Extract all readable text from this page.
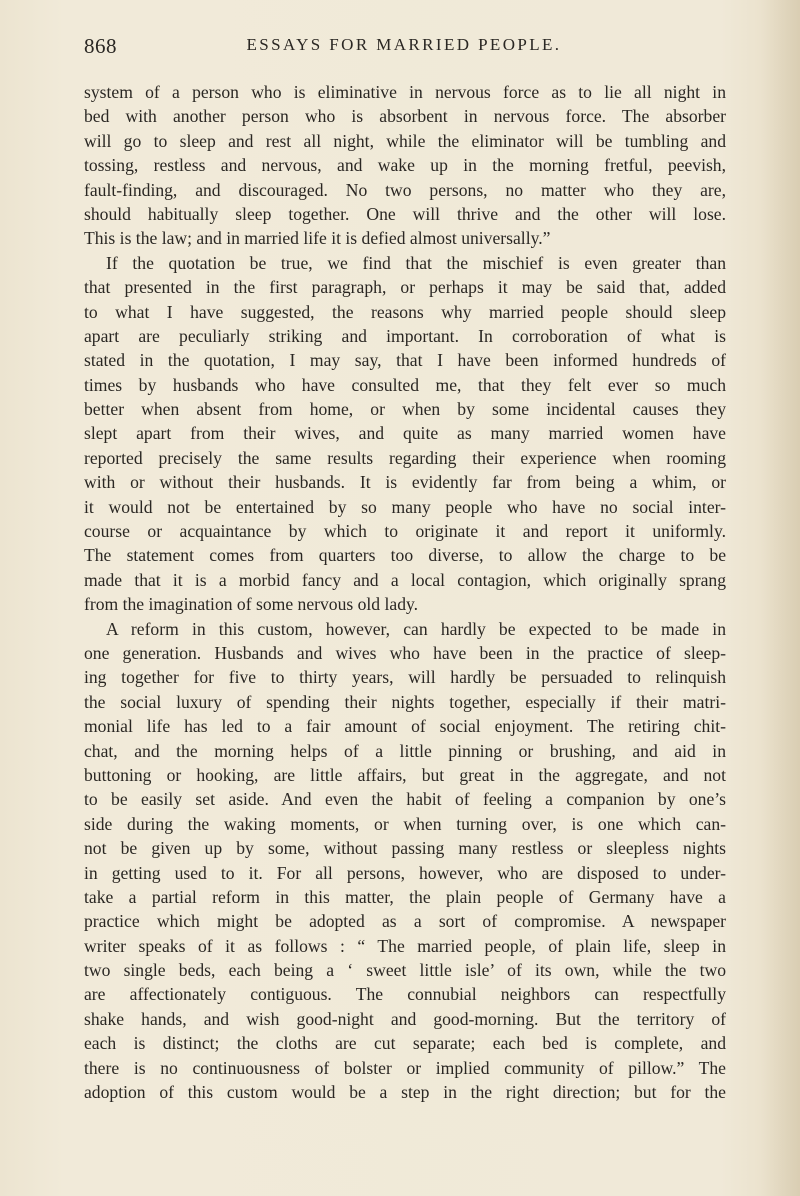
868	ESSAYS FOR MARRIED PEOPLE.
system of a person who is eliminative in nervous force as to lie all night in
bed with another person who is absorbent in nervous force. The absorber
will go to sleep and rest all night, while the eliminator will be tumbling and
tossing, restless and nervous, and wake up in the morning fretful, peevish,
fault-finding, and discouraged. No two persons, no matter who they are,
should habitually sleep together. One will thrive and the other will lose.
This is the law; and in married life it is defied almost universally.”
If the quotation be true, we find that the mischief is even greater than
that presented in the first paragraph, or perhaps it may be said that, added
to what I have suggested, the reasons why married people should sleep
apart are peculiarly striking and important. In corroboration of what is
stated in the quotation, I may say, that I have been informed hundreds of
times by husbands who have consulted me, that they felt ever so much
better when absent from home, or when by some incidental causes they
slept apart from their wives, and quite as many married women have
reported precisely the same results regarding their experience when rooming
with or without their husbands. It is evidently far from being a whim, or
it would not be entertained by so many people who have no social inter-
course or acquaintance by which to originate it and report it uniformly.
The statement comes from quarters too diverse, to allow the charge to be
made that it is a morbid fancy and a local contagion, which originally sprang
from the imagination of some nervous old lady.
A reform in this custom, however, can hardly be expected to be made in
one generation. Husbands and wives who have been in the practice of sleep-
ing together for five to thirty years, will hardly be persuaded to relinquish
the social luxury of spending their nights together, especially if their matri-
monial life has led to a fair amount of social enjoyment. The retiring chit-
chat, and the morning helps of a little pinning or brushing, and aid in
buttoning or hooking, are little affairs, but great in the aggregate, and not
to be easily set aside. And even the habit of feeling a companion by one’s
side during the waking moments, or when turning over, is one which can-
not be given up by some, without passing many restless or sleepless nights
in getting used to it. For all persons, however, who are disposed to under-
take a partial reform in this matter, the plain people of Germany have a
practice which might be adopted as a sort of compromise. A newspaper
writer speaks of it as follows : “ The married people, of plain life, sleep in
two single beds, each being a ‘ sweet little isle’ of its own, while the two
are affectionately contiguous. The connubial neighbors can respectfully
shake hands, and wish good-night and good-morning. But the territory of
each is distinct; the cloths are cut separate; each bed is complete, and
there is no continuousness of bolster or implied community of pillow.” The
adoption of this custom would be a step in the right direction; but for the
